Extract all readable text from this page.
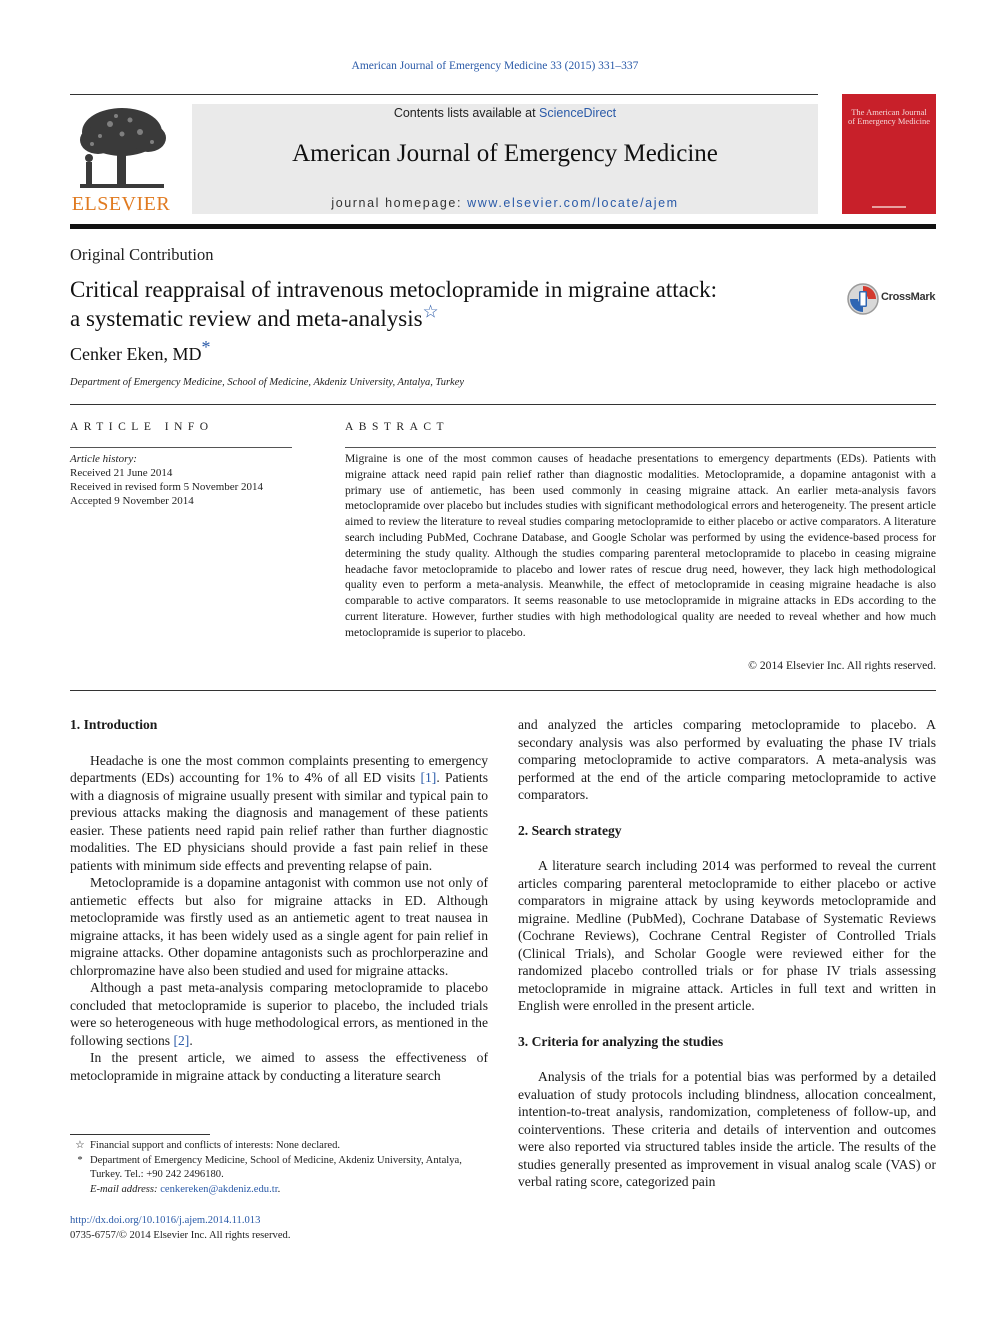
American Journal of Emergency Medicine 33 (2015) 331–337
ELSEVIER
Contents lists available at ScienceDirect
American Journal of Emergency Medicine
journal homepage: www.elsevier.com/locate/ajem
The American Journal of Emergency Medicine
Original Contribution
Critical reappraisal of intravenous metoclopramide in migraine attack:
a systematic review and meta-analysis☆
CrossMark
Cenker Eken, MD*
Department of Emergency Medicine, School of Medicine, Akdeniz University, Antalya, Turkey
ARTICLE INFO
Article history:
Received 21 June 2014
Received in revised form 5 November 2014
Accepted 9 November 2014
ABSTRACT
Migraine is one of the most common causes of headache presentations to emergency departments (EDs). Patients with migraine attack need rapid pain relief rather than diagnostic modalities. Metoclopramide, a dopamine antagonist with a primary use of antiemetic, has been used commonly in ceasing migraine attack. An earlier meta-analysis favors metoclopramide over placebo but includes studies with significant methodological errors and heterogeneity. The present article aimed to review the literature to reveal studies comparing metoclopramide to either placebo or active comparators. A literature search including PubMed, Cochrane Database, and Google Scholar was performed by using the evidence-based process for determining the study quality. Although the studies comparing parenteral metoclopramide to placebo in ceasing migraine headache favor metoclopramide to placebo and lower rates of rescue drug need, however, they lack high methodological quality even to perform a meta-analysis. Meanwhile, the effect of metoclopramide in ceasing migraine headache is also comparable to active comparators. It seems reasonable to use metoclopramide in migraine attacks in EDs according to the current literature. However, further studies with high methodological quality are needed to reveal whether and how much metoclopramide is superior to placebo.
© 2014 Elsevier Inc. All rights reserved.
1. Introduction

Headache is one the most common complaints presenting to emergency departments (EDs) accounting for 1% to 4% of all ED visits [1]. Patients with a diagnosis of migraine usually present with similar and typical pain to previous attacks making the diagnosis and management of these patients easier. These patients need rapid pain relief rather than further diagnostic modalities. The ED physicians should provide a fast pain relief in these patients with minimum side effects and preventing relapse of pain.

Metoclopramide is a dopamine antagonist with common use not only of antiemetic effects but also for migraine attacks in ED. Although metoclopramide was firstly used as an antiemetic agent to treat nausea in migraine attacks, it has been widely used as a single agent for pain relief in migraine attacks. Other dopamine antagonists such as prochlorperazine and chlorpromazine have also been studied and used for migraine attacks.

Although a past meta-analysis comparing metoclopramide to placebo concluded that metoclopramide is superior to placebo, the included trials were so heterogeneous with huge methodological errors, as mentioned in the following sections [2].

In the present article, we aimed to assess the effectiveness of metoclopramide in migraine attack by conducting a literature search

and analyzed the articles comparing metoclopramide to placebo. A secondary analysis was also performed by evaluating the phase IV trials comparing metoclopramide to active comparators. A meta-analysis was performed at the end of the article comparing metoclopramide to active comparators.

2. Search strategy

A literature search including 2014 was performed to reveal the current articles comparing parenteral metoclopramide to either placebo or active comparators in migraine attack by using keywords metoclopramide and migraine. Medline (PubMed), Cochrane Database of Systematic Reviews (Cochrane Reviews), Cochrane Central Register of Controlled Trials (Clinical Trials), and Scholar Google were reviewed either for the randomized placebo controlled trials or for phase IV trials assessing metoclopramide in migraine attack. Articles in full text and written in English were enrolled in the present article.

3. Criteria for analyzing the studies

Analysis of the trials for a potential bias was performed by a detailed evaluation of study protocols including blindness, allocation concealment, intention-to-treat analysis, randomization, completeness of follow-up, and cointerventions. These criteria and details of intervention and outcomes were also reported via structured tables inside the article. The results of the studies generally presented as improvement in visual analog scale (VAS) or verbal rating score, categorized pain

☆ Financial support and conflicts of interests: None declared.
* Department of Emergency Medicine, School of Medicine, Akdeniz University, Antalya, Turkey. Tel.: +90 242 2496180.
E-mail address: cenkereken@akdeniz.edu.tr.
http://dx.doi.org/10.1016/j.ajem.2014.11.013
0735-6757/© 2014 Elsevier Inc. All rights reserved.
